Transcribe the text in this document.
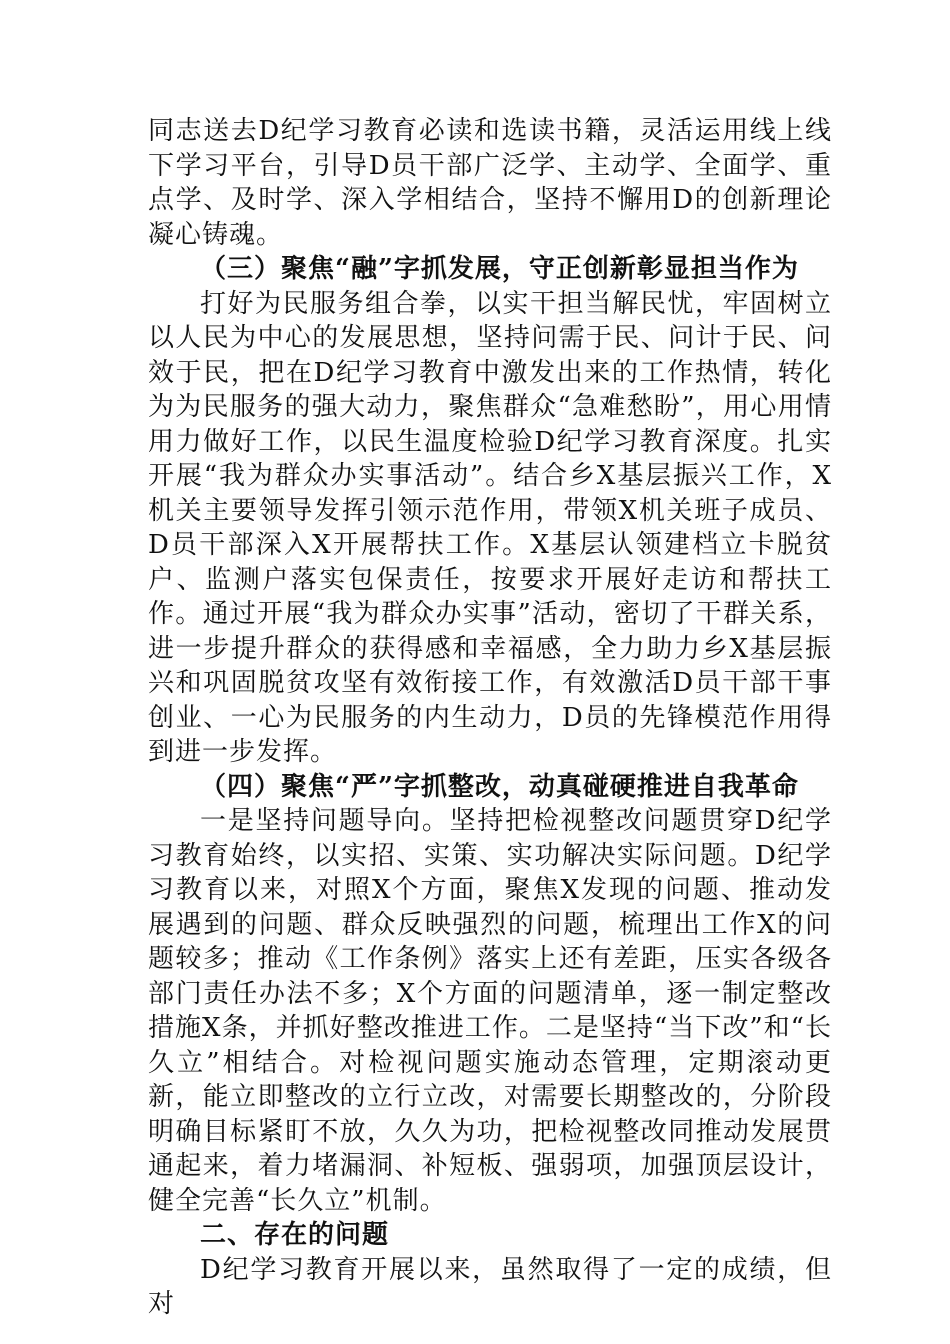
同志送去D纪学习教育必读和选读书籍，灵活运用线上线下学习平台，引导D员干部广泛学、主动学、全面学、重点学、及时学、深入学相结合，坚持不懈用D的创新理论凝心铸魂。

（三）聚焦“融”字抓发展，守正创新彰显担当作为

打好为民服务组合拳，以实干担当解民忧，牢固树立以人民为中心的发展思想，坚持问需于民、问计于民、问效于民，把在D纪学习教育中激发出来的工作热情，转化为为民服务的强大动力，聚焦群众“急难愁盼”，用心用情用力做好工作，以民生温度检验D纪学习教育深度。扎实开展“我为群众办实事活动”。结合乡X基层振兴工作，X机关主要领导发挥引领示范作用，带领X机关班子成员、D员干部深入X开展帮扶工作。X基层认领建档立卡脱贫户、监测户落实包保责任，按要求开展好走访和帮扶工作。通过开展“我为群众办实事”活动，密切了干群关系，进一步提升群众的获得感和幸福感，全力助力乡X基层振兴和巩固脱贫攻坚有效衔接工作，有效激活D员干部干事创业、一心为民服务的内生动力，D员的先锋模范作用得到进一步发挥。

（四）聚焦“严”字抓整改，动真碰硬推进自我革命

一是坚持问题导向。坚持把检视整改问题贯穿D纪学习教育始终，以实招、实策、实功解决实际问题。D纪学习教育以来，对照X个方面，聚焦X发现的问题、推动发展遇到的问题、群众反映强烈的问题，梳理出工作X的问题较多；推动《工作条例》落实上还有差距，压实各级各部门责任办法不多；X个方面的问题清单，逐一制定整改措施X条，并抓好整改推进工作。二是坚持“当下改”和“长久立”相结合。对检视问题实施动态管理，定期滚动更新，能立即整改的立行立改，对需要长期整改的，分阶段明确目标紧盯不放，久久为功，把检视整改同推动发展贯通起来，着力堵漏洞、补短板、强弱项，加强顶层设计，健全完善“长久立”机制。

二、存在的问题

D纪学习教育开展以来，虽然取得了一定的成绩，但对
